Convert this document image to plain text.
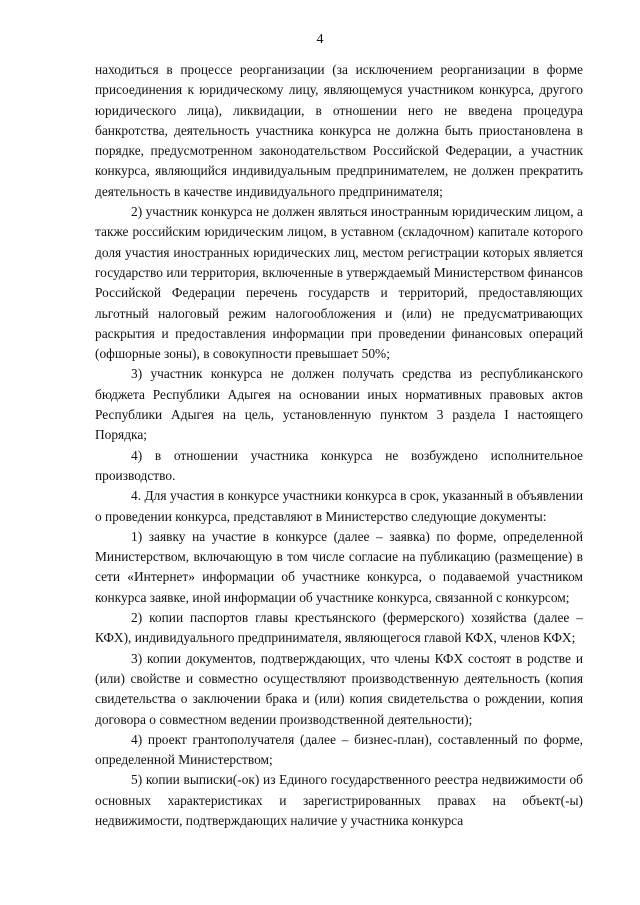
4

находиться в процессе реорганизации (за исключением реорганизации в форме присоединения к юридическому лицу, являющемуся участником конкурса, другого юридического лица), ликвидации, в отношении него не введена процедура банкротства, деятельность участника конкурса не должна быть приостановлена в порядке, предусмотренном законодательством Российской Федерации, а участник конкурса, являющийся индивидуальным предпринимателем, не должен прекратить деятельность в качестве индивидуального предпринимателя;

2) участник конкурса не должен являться иностранным юридическим лицом, а также российским юридическим лицом, в уставном (складочном) капитале которого доля участия иностранных юридических лиц, местом регистрации которых является государство или территория, включенные в утверждаемый Министерством финансов Российской Федерации перечень государств и территорий, предоставляющих льготный налоговый режим налогообложения и (или) не предусматривающих раскрытия и предоставления информации при проведении финансовых операций (офшорные зоны), в совокупности превышает 50%;

3) участник конкурса не должен получать средства из республиканского бюджета Республики Адыгея на основании иных нормативных правовых актов Республики Адыгея на цель, установленную пунктом 3 раздела I настоящего Порядка;

4) в отношении участника конкурса не возбуждено исполнительное производство.

4. Для участия в конкурсе участники конкурса в срок, указанный в объявлении о проведении конкурса, представляют в Министерство следующие документы:

1) заявку на участие в конкурсе (далее – заявка) по форме, определенной Министерством, включающую в том числе согласие на публикацию (размещение) в сети «Интернет» информации об участнике конкурса, о подаваемой участником конкурса заявке, иной информации об участнике конкурса, связанной с конкурсом;

2) копии паспортов главы крестьянского (фермерского) хозяйства (далее – КФХ), индивидуального предпринимателя, являющегося главой КФХ, членов КФХ;

3) копии документов, подтверждающих, что члены КФХ состоят в родстве и (или) свойстве и совместно осуществляют производственную деятельность (копия свидетельства о заключении брака и (или) копия свидетельства о рождении, копия договора о совместном ведении производственной деятельности);

4) проект грантополучателя (далее – бизнес-план), составленный по форме, определенной Министерством;

5) копии выписки(-ок) из Единого государственного реестра недвижимости об основных характеристиках и зарегистрированных правах на объект(-ы) недвижимости, подтверждающих наличие у участника конкурса
